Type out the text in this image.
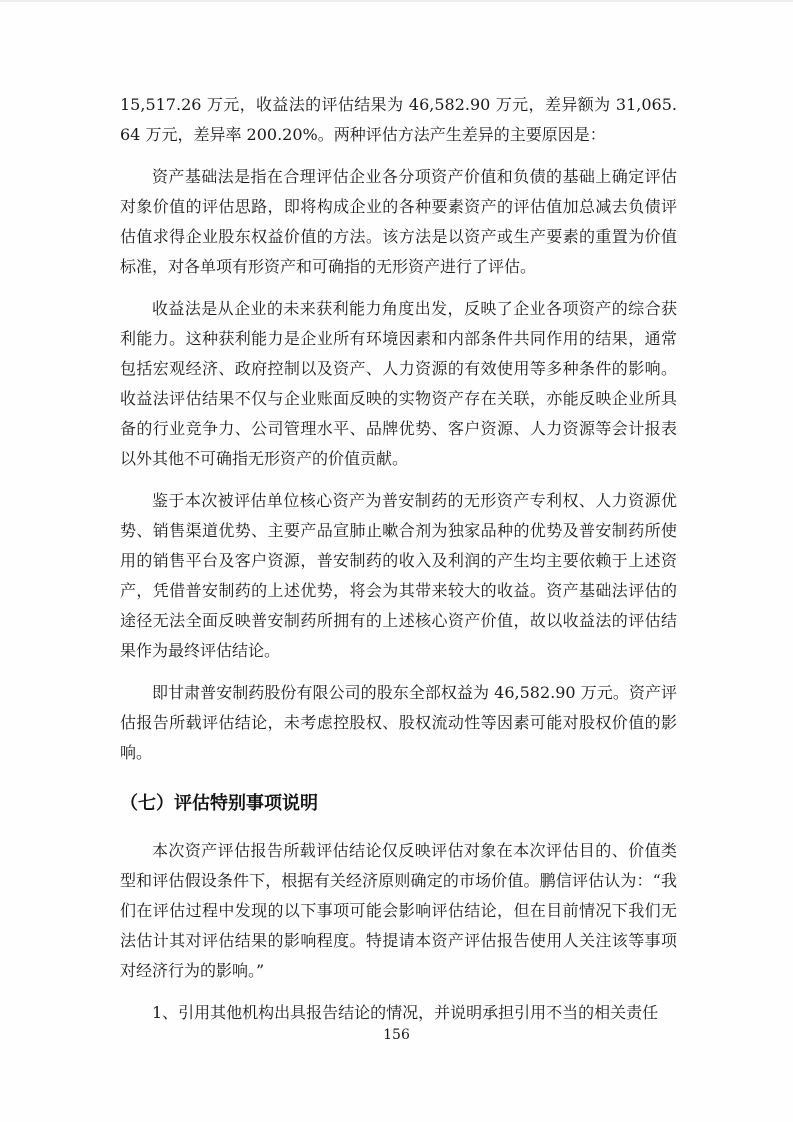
15,517.26 万元，收益法的评估结果为 46,582.90 万元，差异额为 31,065.64 万元，差异率 200.20%。两种评估方法产生差异的主要原因是：

资产基础法是指在合理评估企业各分项资产价值和负债的基础上确定评估对象价值的评估思路，即将构成企业的各种要素资产的评估值加总减去负债评估值求得企业股东权益价值的方法。该方法是以资产或生产要素的重置为价值标准，对各单项有形资产和可确指的无形资产进行了评估。

收益法是从企业的未来获利能力角度出发，反映了企业各项资产的综合获利能力。这种获利能力是企业所有环境因素和内部条件共同作用的结果，通常包括宏观经济、政府控制以及资产、人力资源的有效使用等多种条件的影响。收益法评估结果不仅与企业账面反映的实物资产存在关联，亦能反映企业所具备的行业竞争力、公司管理水平、品牌优势、客户资源、人力资源等会计报表以外其他不可确指无形资产的价值贡献。

鉴于本次被评估单位核心资产为普安制药的无形资产专利权、人力资源优势、销售渠道优势、主要产品宣肺止嗽合剂为独家品种的优势及普安制药所使用的销售平台及客户资源，普安制药的收入及利润的产生均主要依赖于上述资产，凭借普安制药的上述优势，将会为其带来较大的收益。资产基础法评估的途径无法全面反映普安制药所拥有的上述核心资产价值，故以收益法的评估结果作为最终评估结论。

即甘肃普安制药股份有限公司的股东全部权益为 46,582.90 万元。资产评估报告所载评估结论，未考虑控股权、股权流动性等因素可能对股权价值的影响。

（七）评估特别事项说明

本次资产评估报告所载评估结论仅反映评估对象在本次评估目的、价值类型和评估假设条件下，根据有关经济原则确定的市场价值。鹏信评估认为：“我们在评估过程中发现的以下事项可能会影响评估结论，但在目前情况下我们无法估计其对评估结果的影响程度。特提请本资产评估报告使用人关注该等事项对经济行为的影响。”

1、引用其他机构出具报告结论的情况，并说明承担引用不当的相关责任

156
